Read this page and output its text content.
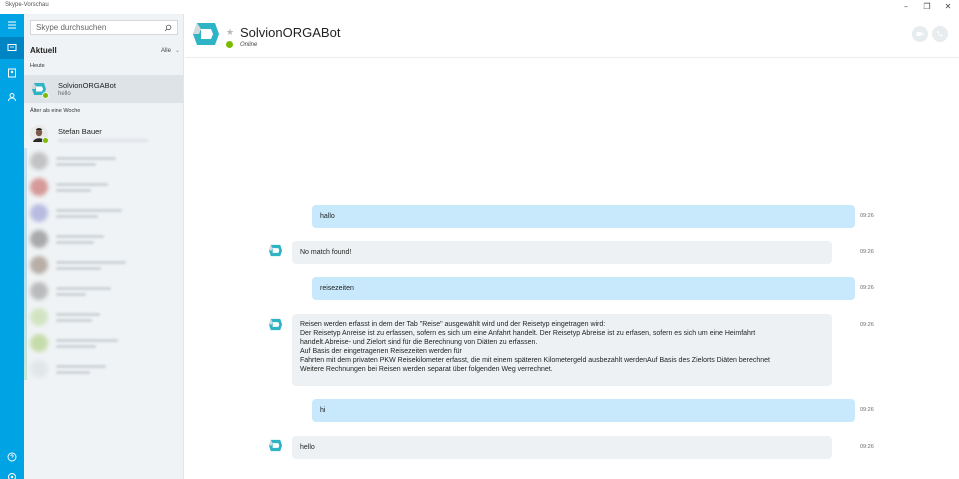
Skype-Vorschau	–	❐	✕
Skype durchsuchen
Aktuell	Alle ⌄
Heute
SolvionORGABot
hello
Älter als eine Woche
Stefan Bauer
★ SolvionORGABot
Online
hallo	09:26
No match found!	09:26
reisezeiten	09:26
Reisen werden erfasst in dem der Tab "Reise" ausgewählt wird und der Reisetyp eingetragen wird:
Der Reisetyp Anreise ist zu erfassen, sofern es sich um eine Anfahrt handelt. Der Reisetyp Abreise ist zu erfasen, sofern es sich um eine Heimfahrt
handelt.Abreise- und Zielort sind für die Berechnung von Diäten zu erfassen.
Auf Basis der eingetragenen Reisezeiten werden für
Fahrten mit dem privaten PKW Reisekilometer erfasst, die mit einem späteren Kilometergeld ausbezahlt werdenAuf Basis des Zielorts Diäten berechnet
Weitere Rechnungen bei Reisen werden separat über folgenden Weg verrechnet.
09:26
hi	09:26
hello	09:26
